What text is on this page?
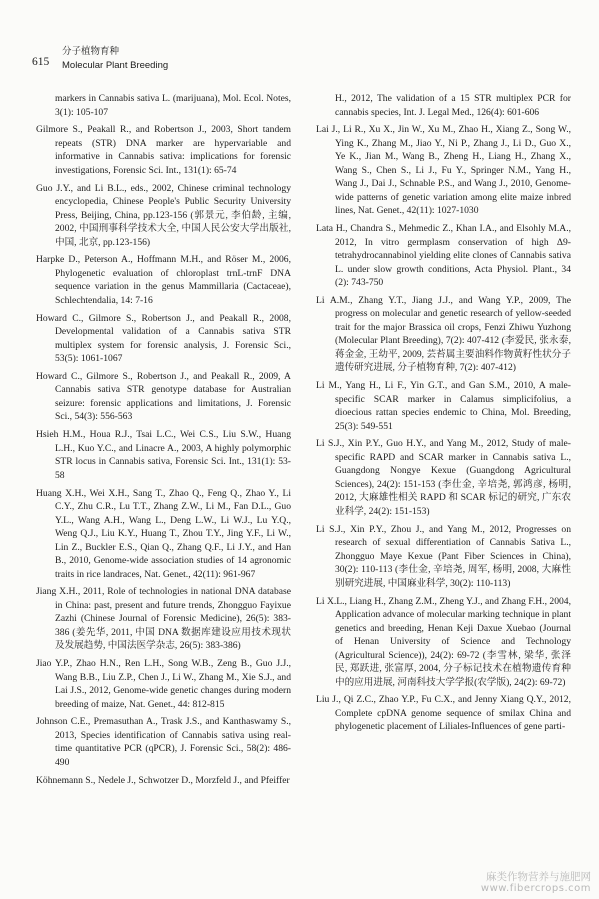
615
分子植物育种
Molecular Plant Breeding

markers in Cannabis sativa L. (marijuana), Mol. Ecol. Notes, 3(1): 105-107

Gilmore S., Peakall R., and Robertson J., 2003, Short tandem repeats (STR) DNA marker are hypervariable and informative in Cannabis sativa: implications for forensic investigations, Forensic Sci. Int., 131(1): 65-74

Guo J.Y., and Li B.L., eds., 2002, Chinese criminal technology encyclopedia, Chinese People's Public Security University Press, Beijing, China, pp.123-156 (郭景元, 李伯龄, 主编, 2002, 中国刑事科学技术大全, 中国人民公安大学出版社, 中国, 北京, pp.123-156)

Harpke D., Peterson A., Hoffmann M.H., and Röser M., 2006, Phylogenetic evaluation of chloroplast trnL-trnF DNA sequence variation in the genus Mammillaria (Cactaceae), Schlechtendalia, 14: 7-16

Howard C., Gilmore S., Robertson J., and Peakall R., 2008, Developmental validation of a Cannabis sativa STR multiplex system for forensic analysis, J. Forensic Sci., 53(5): 1061-1067

Howard C., Gilmore S., Robertson J., and Peakall R., 2009, A Cannabis sativa STR genotype database for Australian seizure: forensic applications and limitations, J. Forensic Sci., 54(3): 556-563

Hsieh H.M., Houa R.J., Tsai L.C., Wei C.S., Liu S.W., Huang L.H., Kuo Y.C., and Linacre A., 2003, A highly polymorphic STR locus in Cannabis sativa, Forensic Sci. Int., 131(1): 53-58

Huang X.H., Wei X.H., Sang T., Zhao Q., Feng Q., Zhao Y., Li C.Y., Zhu C.R., Lu T.T., Zhang Z.W., Li M., Fan D.L., Guo Y.L., Wang A.H., Wang L., Deng L.W., Li W.J., Lu Y.Q., Weng Q.J., Liu K.Y., Huang T., Zhou T.Y., Jing Y.F., Li W., Lin Z., Buckler E.S., Qian Q., Zhang Q.F., Li J.Y., and Han B., 2010, Genome-wide association studies of 14 agronomic traits in rice landraces, Nat. Genet., 42(11): 961-967

Jiang X.H., 2011, Role of technologies in national DNA database in China: past, present and future trends, Zhongguo Fayixue Zazhi (Chinese Journal of Forensic Medicine), 26(5): 383-386 (姜先华, 2011, 中国 DNA 数据库建设应用技术现状及发展趋势, 中国法医学杂志, 26(5): 383-386)

Jiao Y.P., Zhao H.N., Ren L.H., Song W.B., Zeng B., Guo J.J., Wang B.B., Liu Z.P., Chen J., Li W., Zhang M., Xie S.J., and Lai J.S., 2012, Genome-wide genetic changes during modern breeding of maize, Nat. Genet., 44: 812-815

Johnson C.E., Premasuthan A., Trask J.S., and Kanthaswamy S., 2013, Species identification of Cannabis sativa using real-time quantitative PCR (qPCR), J. Forensic Sci., 58(2): 486-490

Köhnemann S., Nedele J., Schwotzer D., Morzfeld J., and Pfeiffer

H., 2012, The validation of a 15 STR multiplex PCR for cannabis species, Int. J. Legal Med., 126(4): 601-606

Lai J., Li R., Xu X., Jin W., Xu M., Zhao H., Xiang Z., Song W., Ying K., Zhang M., Jiao Y., Ni P., Zhang J., Li D., Guo X., Ye K., Jian M., Wang B., Zheng H., Liang H., Zhang X., Wang S., Chen S., Li J., Fu Y., Springer N.M., Yang H., Wang J., Dai J., Schnable P.S., and Wang J., 2010, Genome-wide patterns of genetic variation among elite maize inbred lines, Nat. Genet., 42(11): 1027-1030

Lata H., Chandra S., Mehmedic Z., Khan I.A., and Elsohly M.A., 2012, In vitro germplasm conservation of high Δ9-tetrahydrocannabinol yielding elite clones of Cannabis sativa L. under slow growth conditions, Acta Physiol. Plant., 34 (2): 743-750

Li A.M., Zhang Y.T., Jiang J.J., and Wang Y.P., 2009, The progress on molecular and genetic research of yellow-seeded trait for the major Brassica oil crops, Fenzi Zhiwu Yuzhong (Molecular Plant Breeding), 7(2): 407-412 (李爱民, 张永泰, 蒋金金, 王幼平, 2009, 芸苔属主要油料作物黄籽性状分子遗传研究进展, 分子植物育种, 7(2): 407-412)

Li M., Yang H., Li F., Yin G.T., and Gan S.M., 2010, A male-specific SCAR marker in Calamus simplicifolius, a dioecious rattan species endemic to China, Mol. Breeding, 25(3): 549-551

Li S.J., Xin P.Y., Guo H.Y., and Yang M., 2012, Study of male-specific RAPD and SCAR marker in Cannabis sativa L., Guangdong Nongye Kexue (Guangdong Agricultural Sciences), 24(2): 151-153 (李仕金, 辛培尧, 郭鸿彦, 杨明, 2012, 大麻雄性相关 RAPD 和 SCAR 标记的研究, 广东农业科学, 24(2): 151-153)

Li S.J., Xin P.Y., Zhou J., and Yang M., 2012, Progresses on research of sexual differentiation of Cannabis Sativa L., Zhongguo Maye Kexue (Pant Fiber Sciences in China), 30(2): 110-113 (李仕金, 辛培尧, 周军, 杨明, 2008, 大麻性别研究进展, 中国麻业科学, 30(2): 110-113)

Li X.L., Liang H., Zhang Z.M., Zheng Y.J., and Zhang F.H., 2004, Application advance of molecular marking technique in plant genetics and breeding, Henan Keji Daxue Xuebao (Journal of Henan University of Science and Technology (Agricultural Science)), 24(2): 69-72 (李雪林, 梁华, 张泽民, 郑跃进, 张富厚, 2004, 分子标记技术在植物遗传育种中的应用进展, 河南科技大学学报(农学版), 24(2): 69-72)

Liu J., Qi Z.C., Zhao Y.P., Fu C.X., and Jenny Xiang Q.Y., 2012, Complete cpDNA genome sequence of smilax China and phylogenetic placement of Liliales-Influences of gene parti-

麻类作物营养与施肥网
www.fibercrops.com
